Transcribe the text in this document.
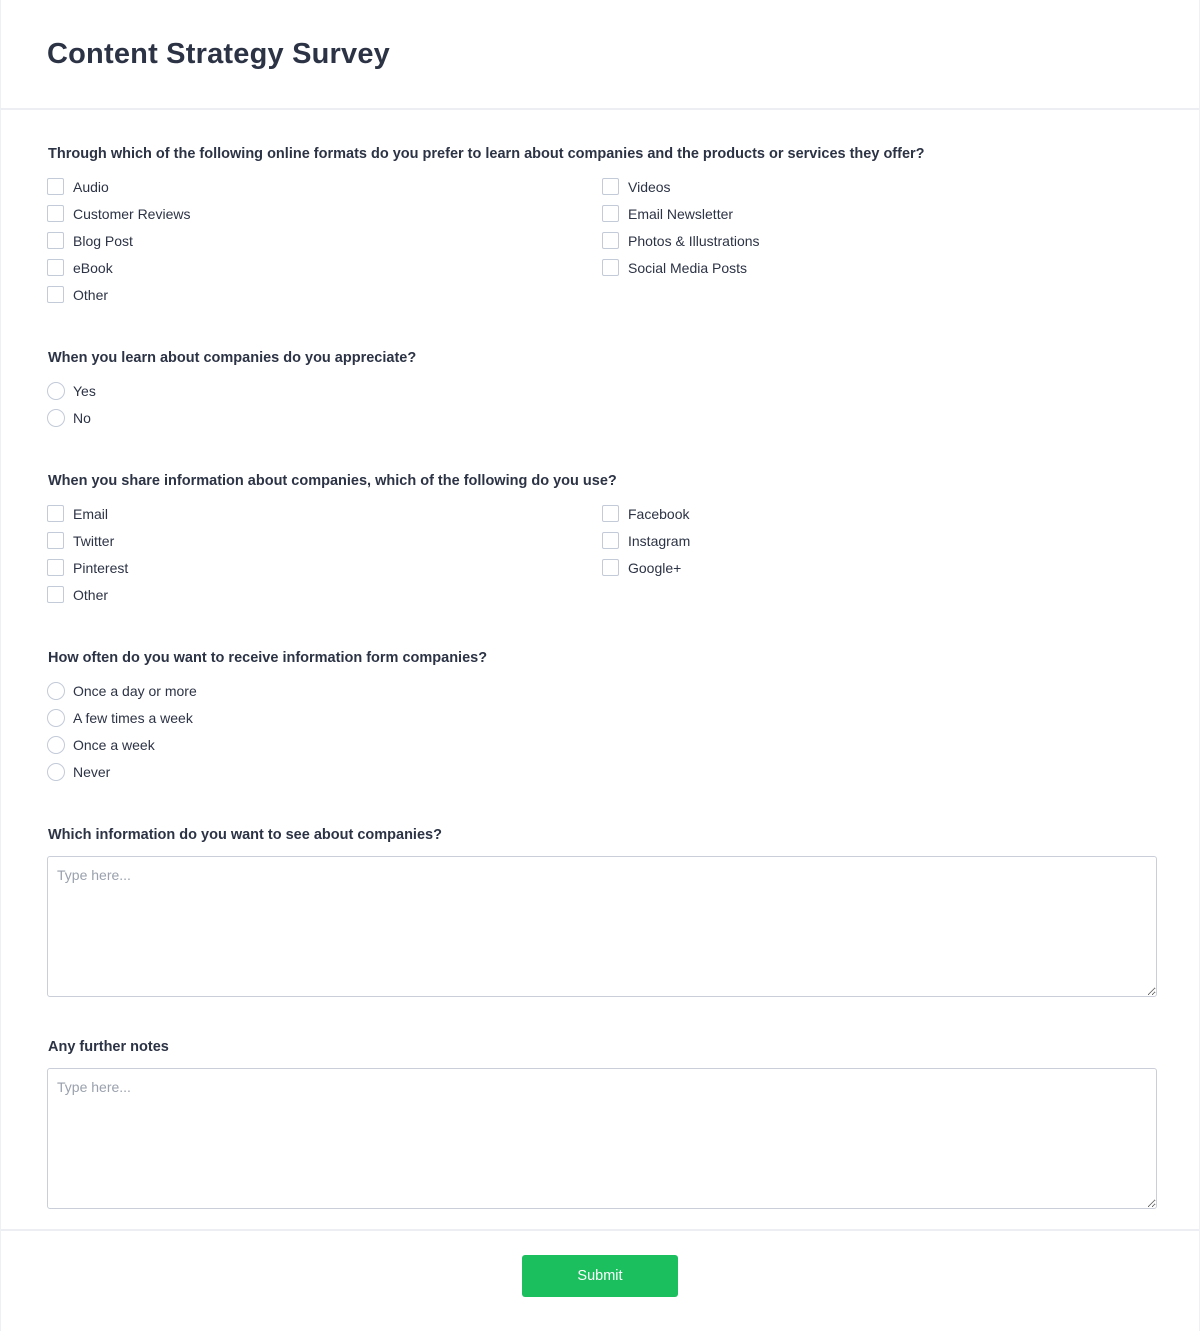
Content Strategy Survey
Through which of the following online formats do you prefer to learn about companies and the products or services they offer?
Audio	Videos
Customer Reviews	Email Newsletter
Blog Post	Photos & Illustrations
eBook	Social Media Posts
Other
When you learn about companies do you appreciate?
Yes
No
When you share information about companies, which of the following do you use?
Email	Facebook
Twitter	Instagram
Pinterest	Google+
Other
How often do you want to receive information form companies?
Once a day or more
A few times a week
Once a week
Never
Which information do you want to see about companies?
Type here...
Any further notes
Type here...
Submit
